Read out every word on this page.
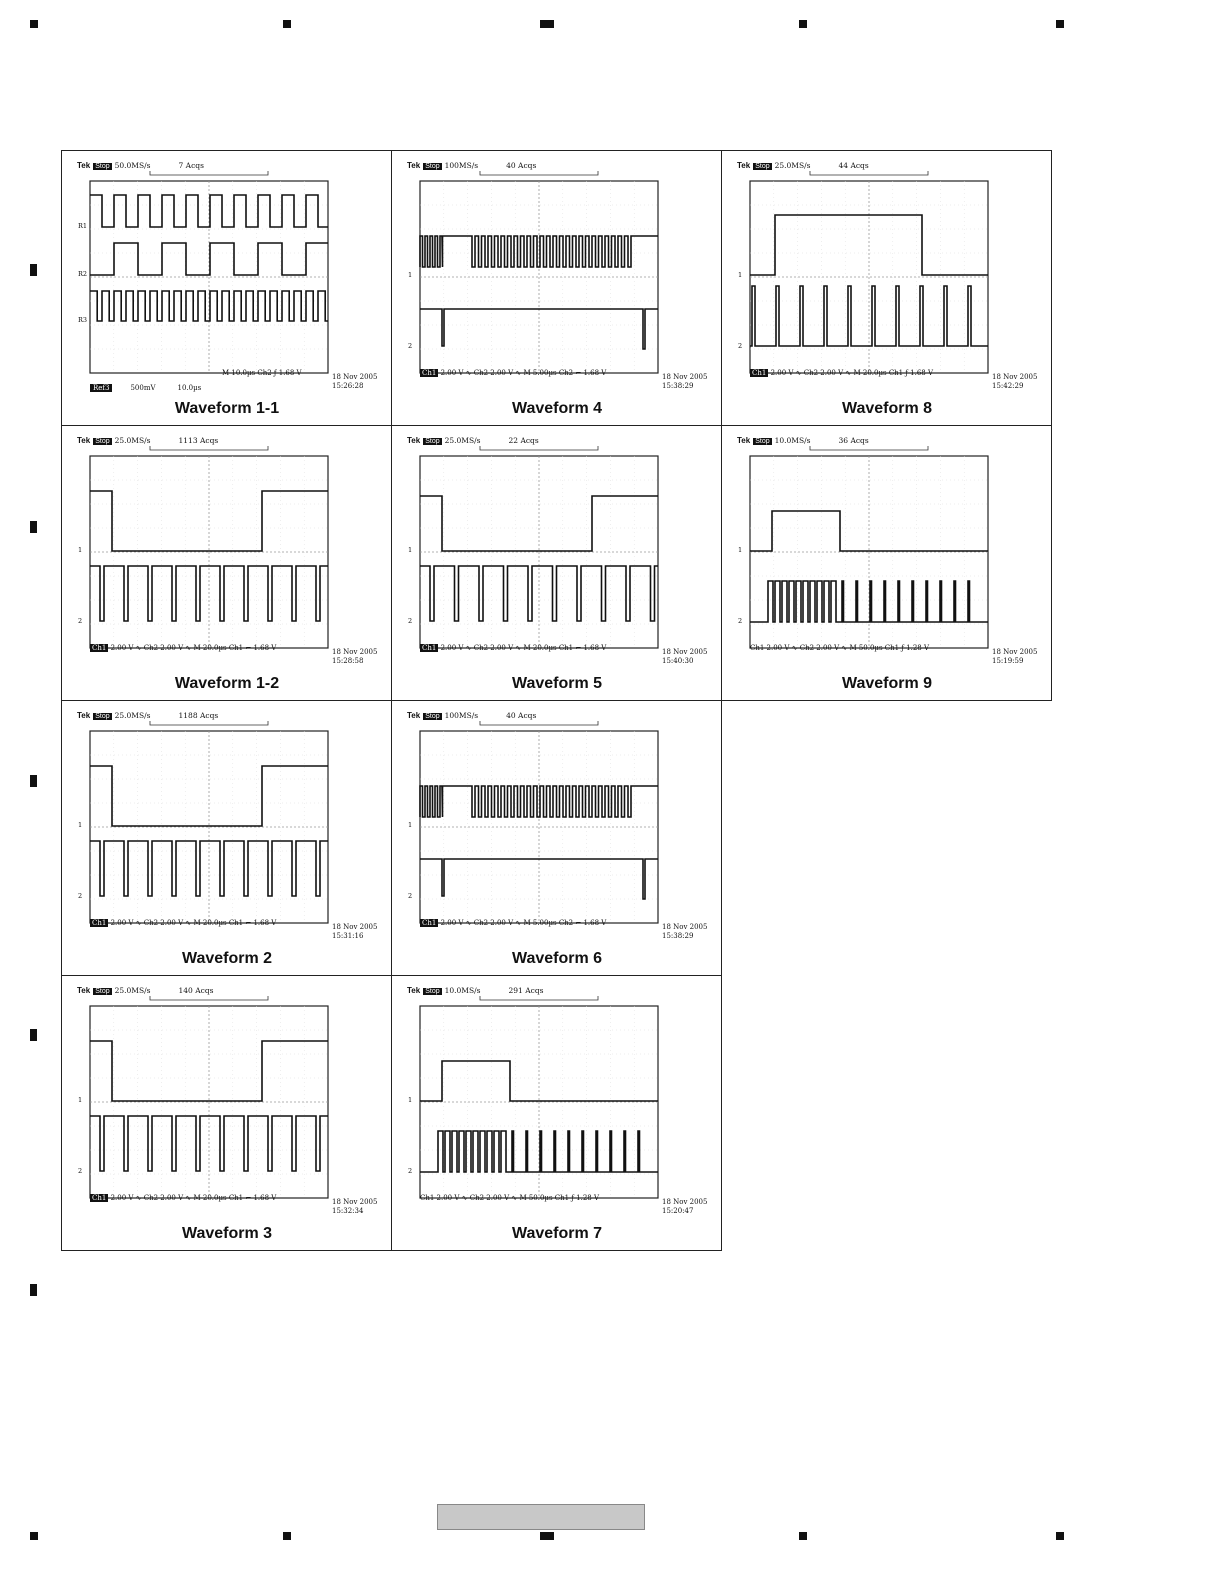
Tek Stop 50.0MS/s	7 Acqs
R1
R2
R3
M 10.0µs Ch2 ƒ 1.68 V	18 Nov 2005
15:26:28
Ref3	500mV	10.0µs
Waveform 1-1
Tek Stop 100MS/s	40 Acqs
1
2
Ch1 2.00 V ∿ Ch2 2.00 V ∿ M 5.00µs Ch2 ⌐ 1.68 V	18 Nov 2005
15:38:29
Waveform 4
Tek Stop 25.0MS/s	44 Acqs
1
2
Ch1 2.00 V ∿ Ch2 2.00 V ∿ M 20.0µs Ch1 ƒ 1.68 V	18 Nov 2005
15:42:29
Waveform 8
Tek Stop 25.0MS/s	1113 Acqs
1
2
Ch1 2.00 V ∿ Ch2 2.00 V ∿ M 20.0µs Ch1 ⌐ 1.68 V	18 Nov 2005
15:28:58
Waveform 1-2
Tek Stop 25.0MS/s	22 Acqs
1
2
Ch1 2.00 V ∿ Ch2 2.00 V ∿ M 20.0µs Ch1 ⌐ 1.68 V	18 Nov 2005
15:40:30
Waveform 5
Tek Stop 10.0MS/s	36 Acqs
1
2
Ch1 2.00 V ∿ Ch2 2.00 V ∿ M 50.0µs Ch1 ƒ 1.28 V	18 Nov 2005
15:19:59
Waveform 9
Tek Stop 25.0MS/s	1188 Acqs
1
2
Ch1 2.00 V ∿ Ch2 2.00 V ∿ M 20.0µs Ch1 ⌐ 1.68 V	18 Nov 2005
15:31:16
Waveform 2
Tek Stop 100MS/s	40 Acqs
1
2
Ch1 2.00 V ∿ Ch2 2.00 V ∿ M 5.00µs Ch2 ⌐ 1.68 V	18 Nov 2005
15:38:29
Waveform 6
Tek Stop 25.0MS/s	140 Acqs
1
2
Ch1 2.00 V ∿ Ch2 2.00 V ∿ M 20.0µs Ch1 ⌐ 1.68 V	18 Nov 2005
15:32:34
Waveform 3
Tek Stop 10.0MS/s	291 Acqs
1
2
Ch1 2.00 V ∿ Ch2 2.00 V ∿ M 50.0µs Ch1 ƒ 1.28 V	18 Nov 2005
15:20:47
Waveform 7
